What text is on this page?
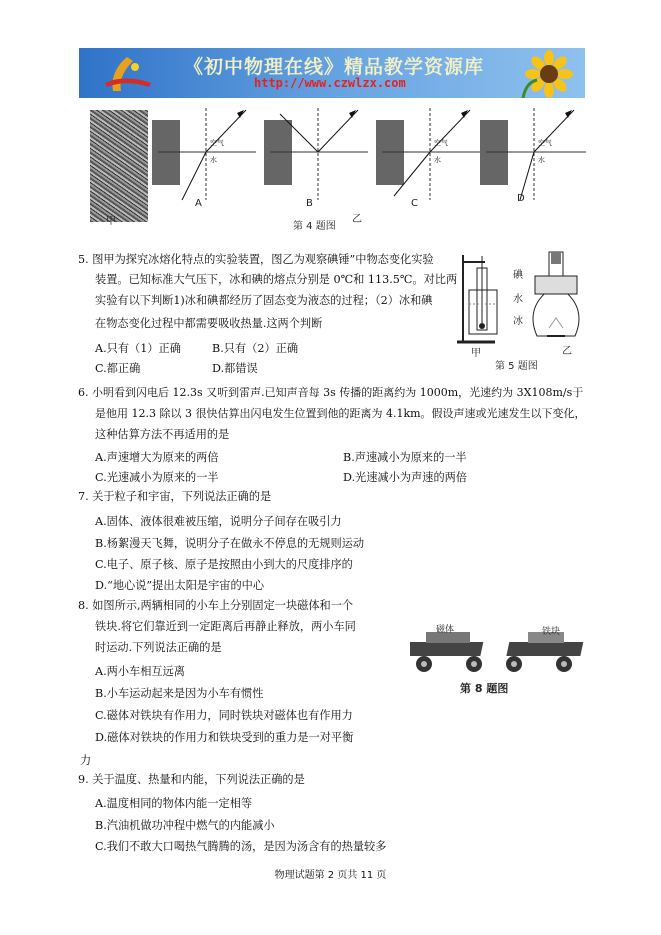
《初中物理在线》精品教学资源库
http://www.czwlzx.com
甲
空气
水
A	B
空气
水
C
空气
水
D
乙
第 4 题图
5. 图甲为探究冰熔化特点的实验装置，图乙为观察碘锤”中物态变化实验
装置。已知标准大气压下，冰和碘的熔点分别是 0℃和 113.5℃。对比两
实验有以下判断1)冰和碘都经历了固态变为液态的过程；（2）冰和碘
在物态变化过程中都需要吸收热量.这两个判断
A.只有（1）正确	B.只有（2）正确
C.都正确	D.都错误
碘
水
冰
甲	乙
第 5 题图
6. 小明看到闪电后 12.3s 又听到雷声.已知声音每 3s 传播的距离约为 1000m，光速约为 3X108m/s于
是他用 12.3 除以 3 很快估算出闪电发生位置到他的距离为 4.1km。假设声速或光速发生以下变化，
这种估算方法不再适用的是
A.声速增大为原来的两倍	B.声速减小为原来的一半
C.光速减小为原来的一半	D.光速减小为声速的两倍
7. 关于粒子和宇宙，下列说法正确的是
A.固体、液体很难被压缩，说明分子间存在吸引力
B.杨絮漫天飞舞，说明分子在做永不停息的无规则运动
C.电子、原子核、原子是按照由小到大的尺度排序的
D.“地心说”提出太阳是宇宙的中心
8. 如图所示,两辆相同的小车上分别固定一块磁体和一个
铁块.将它们靠近到一定距离后再静止释放，两小车同
时运动.下列说法正确的是
A.两小车相互远离
B.小车运动起来是因为小车有惯性
C.磁体对铁块有作用力，同时铁块对磁体也有作用力
D.磁体对铁块的作用力和铁块受到的重力是一对平衡
力
磁体	铁块
第 8 题图
9. 关于温度、热量和内能，下列说法正确的是
A.温度相同的物体内能一定相等
B.汽油机做功冲程中燃气的内能减小
C.我们不敢大口喝热气腾腾的汤，是因为汤含有的热量较多
物理试题第 2 页共 11 页
